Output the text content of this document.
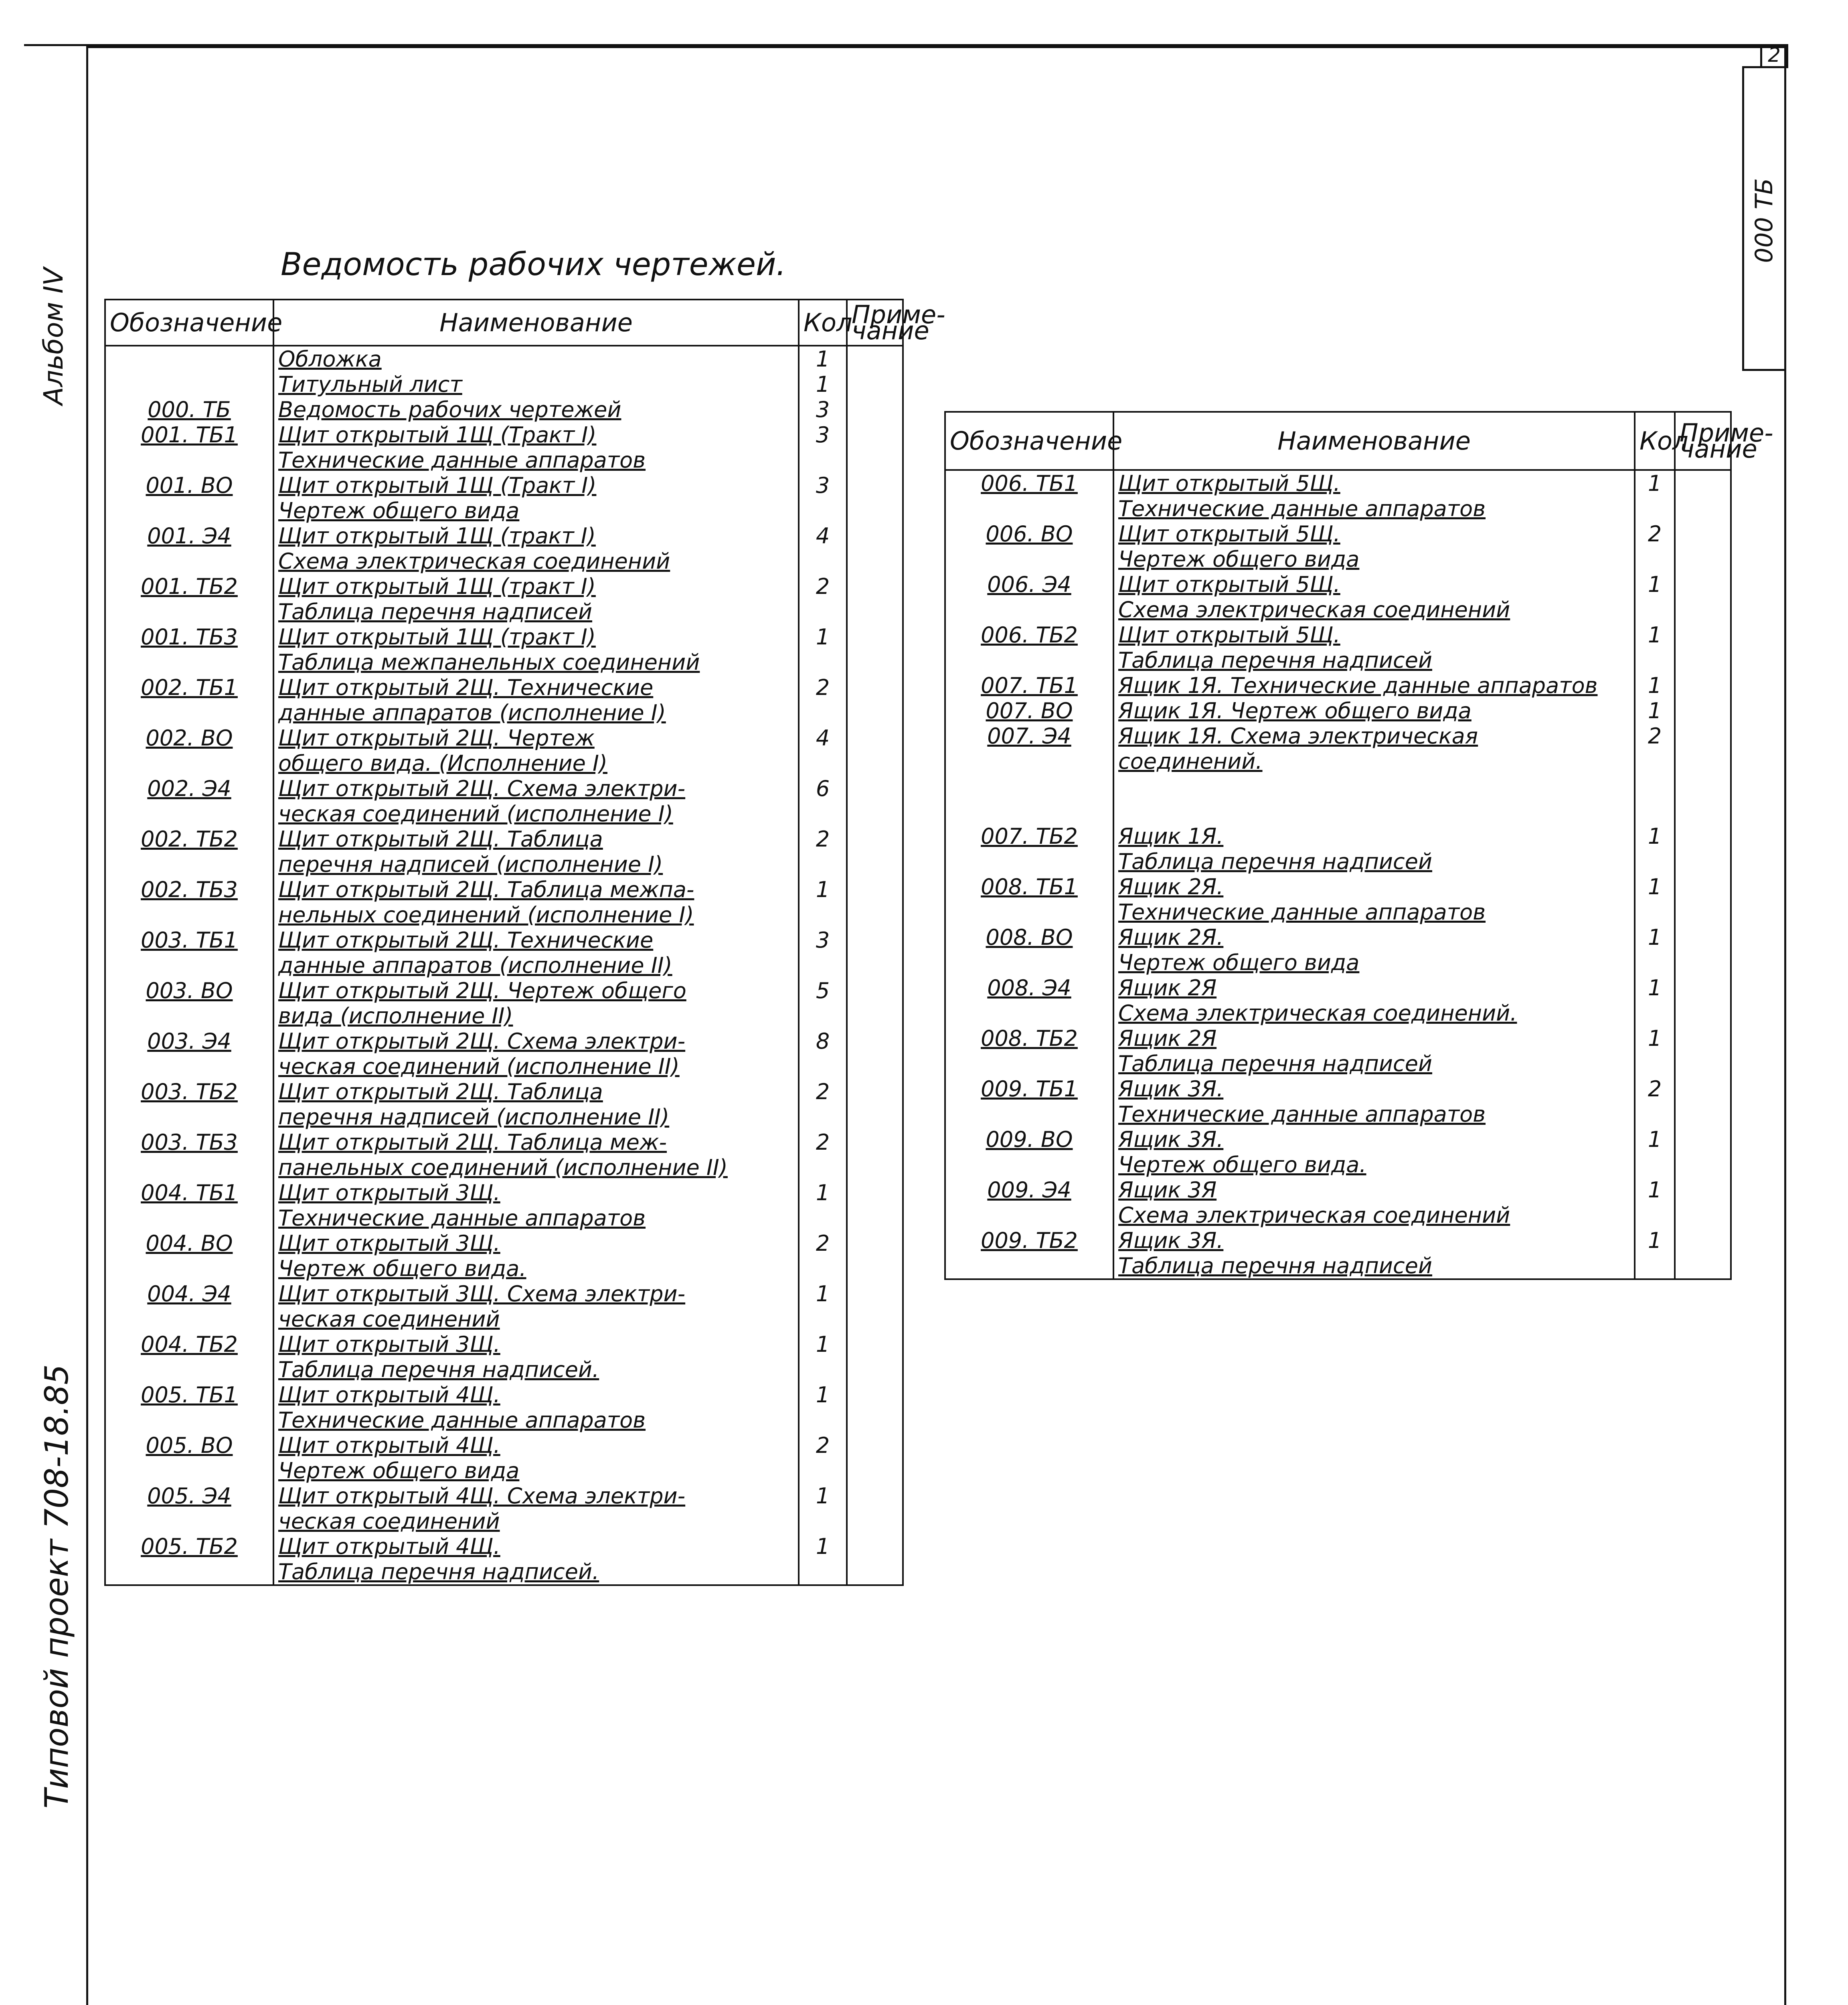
2
000 ТБ
Альбом IV
Типовой проект 708-18.85
Ведомость рабочих чертежей.
Обозначение	Наименование	Кол.	Приме-чание
	Обложка	1	
	Титульный лист	1	
000. ТБ	Ведомость рабочих чертежей	3	
001. ТБ1	Щит открытый 1Щ (Тракт I)	3	
	Технические данные аппаратов		
001. ВО	Щит открытый 1Щ (Тракт I)	3	
	Чертеж общего вида		
001. Э4	Щит открытый 1Щ (тракт I)	4	
	Схема электрическая соединений		
001. ТБ2	Щит открытый 1Щ (тракт I)	2	
	Таблица перечня надписей		
001. ТБ3	Щит открытый 1Щ (тракт I)	1	
	Таблица межпанельных соединений		
002. ТБ1	Щит открытый 2Щ. Технические	2	
	данные аппаратов (исполнение I)		
002. ВО	Щит открытый 2Щ. Чертеж	4	
	общего вида. (Исполнение I)		
002. Э4	Щит открытый 2Щ. Схема электри-	6	
	ческая соединений (исполнение I)		
002. ТБ2	Щит открытый 2Щ. Таблица	2	
	перечня надписей (исполнение I)		
002. ТБ3	Щит открытый 2Щ. Таблица межпа-	1	
	нельных соединений (исполнение I)		
003. ТБ1	Щит открытый 2Щ. Технические	3	
	данные аппаратов (исполнение II)		
003. ВО	Щит открытый 2Щ. Чертеж общего	5	
	вида (исполнение II)		
003. Э4	Щит открытый 2Щ. Схема электри-	8	
	ческая соединений (исполнение II)		
003. ТБ2	Щит открытый 2Щ. Таблица	2	
	перечня надписей (исполнение II)		
003. ТБ3	Щит открытый 2Щ. Таблица меж-	2	
	панельных соединений (исполнение II)		
004. ТБ1	Щит открытый 3Щ.	1	
	Технические данные аппаратов		
004. ВО	Щит открытый 3Щ.	2	
	Чертеж общего вида.		
004. Э4	Щит открытый 3Щ. Схема электри-	1	
	ческая соединений		
004. ТБ2	Щит открытый 3Щ.	1	
	Таблица перечня надписей.		
005. ТБ1	Щит открытый 4Щ.	1	
	Технические данные аппаратов		
005. ВО	Щит открытый 4Щ.	2	
	Чертеж общего вида		
005. Э4	Щит открытый 4Щ. Схема электри-	1	
	ческая соединений		
005. ТБ2	Щит открытый 4Щ.	1	
	Таблица перечня надписей.		
Обозначение	Наименование	Кол.	Приме-чание
006. ТБ1	Щит открытый 5Щ.	1	
	Технические данные аппаратов		
006. ВО	Щит открытый 5Щ.	2	
	Чертеж общего вида		
006. Э4	Щит открытый 5Щ.	1	
	Схема электрическая соединений		
006. ТБ2	Щит открытый 5Щ.	1	
	Таблица перечня надписей		
007. ТБ1	Ящик 1Я. Технические данные аппаратов	1	
007. ВО	Ящик 1Я. Чертеж общего вида	1	
007. Э4	Ящик 1Я. Схема электрическая	2	
	соединений.		

007. ТБ2	Ящик 1Я.	1	
	Таблица перечня надписей		
008. ТБ1	Ящик 2Я.	1	
	Технические данные аппаратов		
008. ВО	Ящик 2Я.	1	
	Чертеж общего вида		
008. Э4	Ящик 2Я	1	
	Схема электрическая соединений.		
008. ТБ2	Ящик 2Я	1	
	Таблица перечня надписей		
009. ТБ1	Ящик 3Я.	2	
	Технические данные аппаратов		
009. ВО	Ящик 3Я.	1	
	Чертеж общего вида.		
009. Э4	Ящик 3Я	1	
	Схема электрическая соединений		
009. ТБ2	Ящик 3Я.	1	
	Таблица перечня надписей		
